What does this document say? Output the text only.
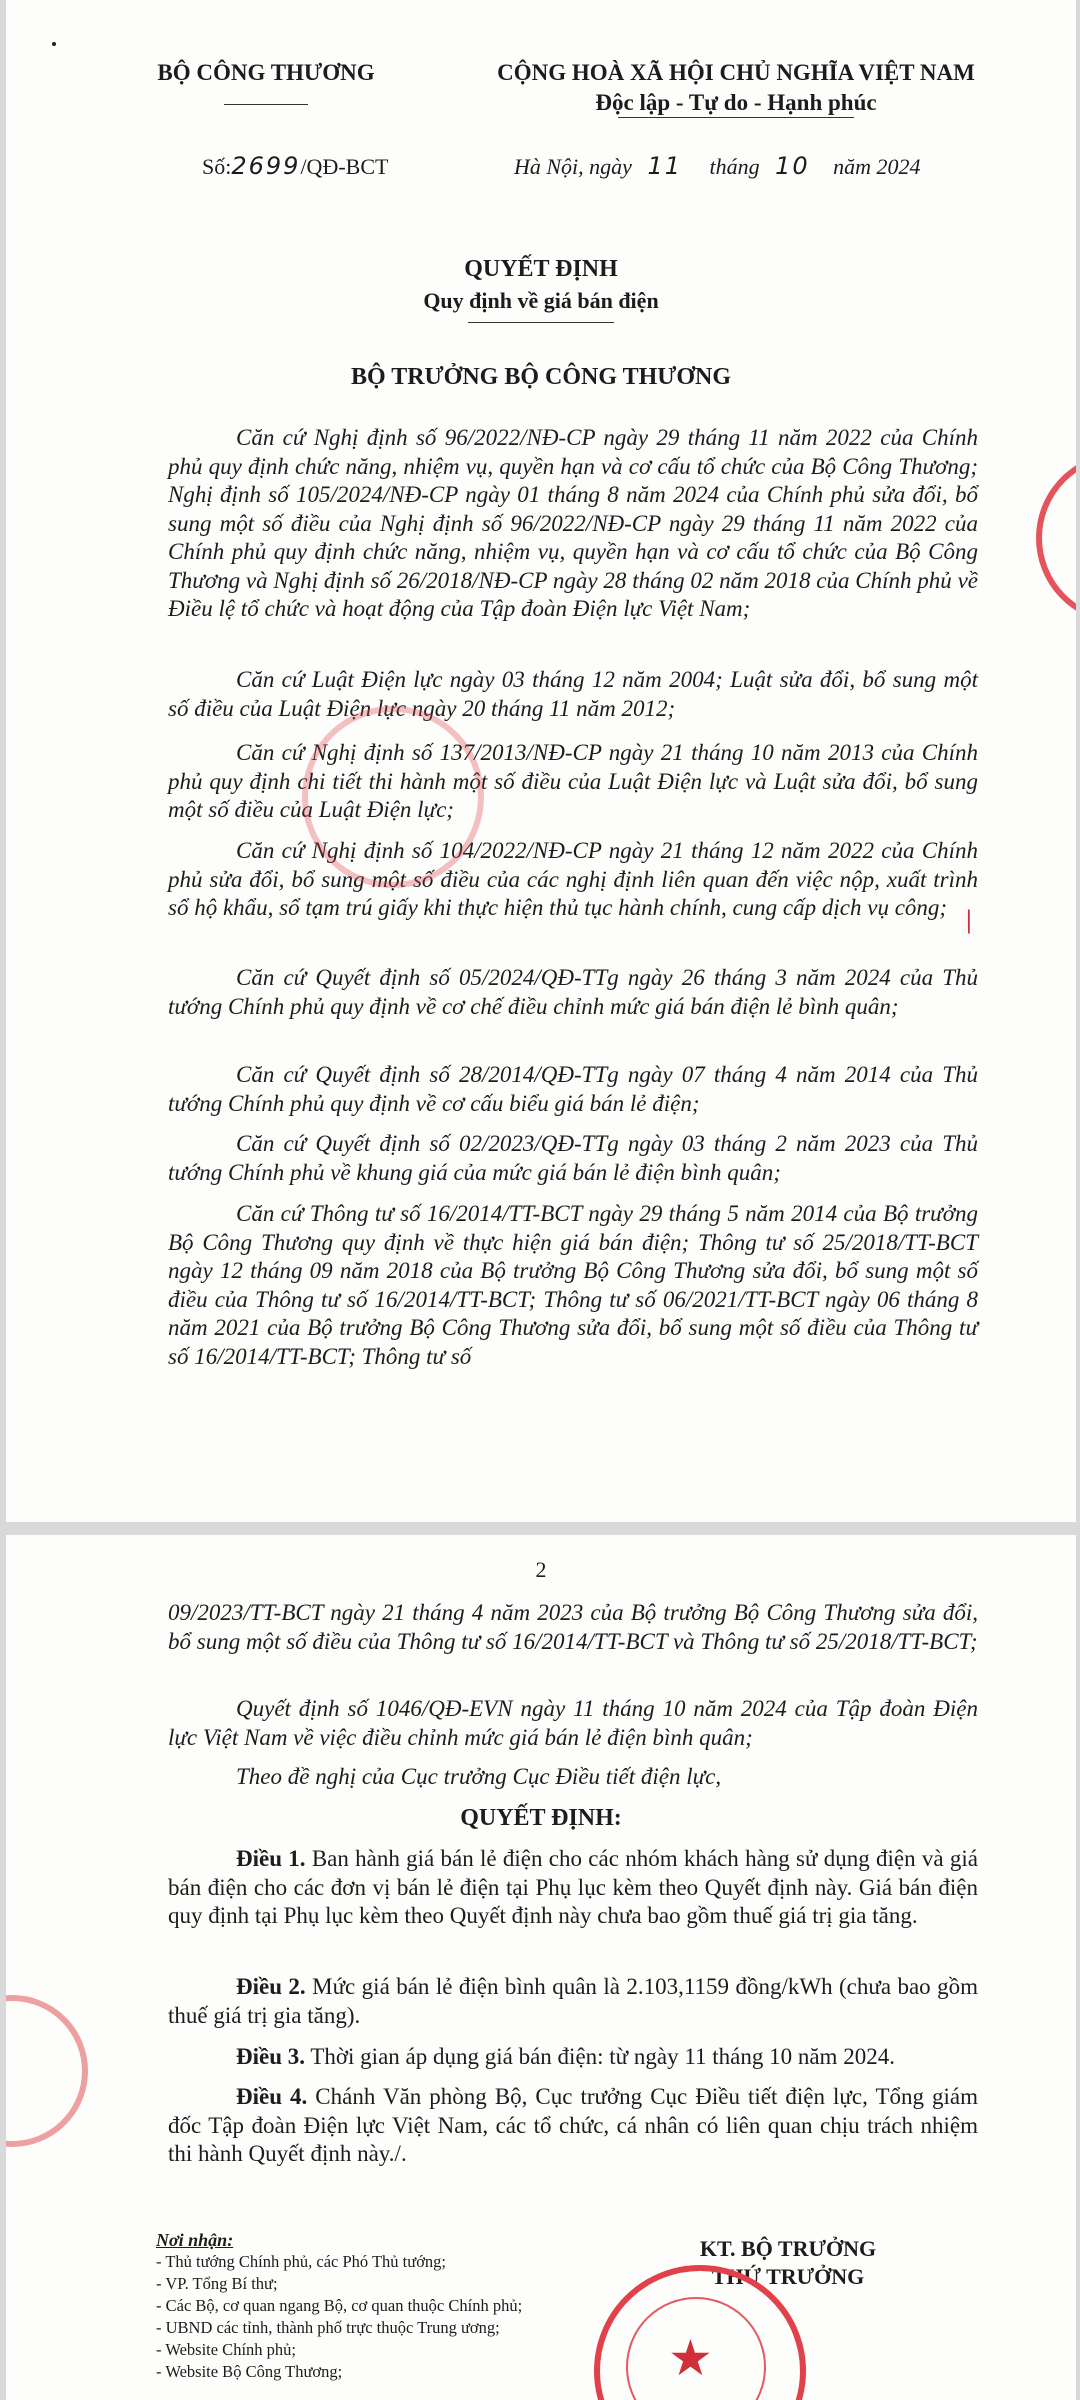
BỘ CÔNG THƯƠNG	CỘNG HOÀ XÃ HỘI CHỦ NGHĨA VIỆT NAM
Độc lập - Tự do - Hạnh phúc
Số:2699/QĐ-BCT	Hà Nội, ngày 11 tháng 10 năm 2024
QUYẾT ĐỊNH
Quy định về giá bán điện
BỘ TRƯỞNG BỘ CÔNG THƯƠNG
Căn cứ Nghị định số 96/2022/NĐ-CP ngày 29 tháng 11 năm 2022 của Chính phủ quy định chức năng, nhiệm vụ, quyền hạn và cơ cấu tổ chức của Bộ Công Thương; Nghị định số 105/2024/NĐ-CP ngày 01 tháng 8 năm 2024 của Chính phủ sửa đổi, bổ sung một số điều của Nghị định số 96/2022/NĐ-CP ngày 29 tháng 11 năm 2022 của Chính phủ quy định chức năng, nhiệm vụ, quyền hạn và cơ cấu tổ chức của Bộ Công Thương và Nghị định số 26/2018/NĐ-CP ngày 28 tháng 02 năm 2018 của Chính phủ về Điều lệ tổ chức và hoạt động của Tập đoàn Điện lực Việt Nam;
Căn cứ Luật Điện lực ngày 03 tháng 12 năm 2004; Luật sửa đổi, bổ sung một số điều của Luật Điện lực ngày 20 tháng 11 năm 2012;
Căn cứ Nghị định số 137/2013/NĐ-CP ngày 21 tháng 10 năm 2013 của Chính phủ quy định chi tiết thi hành một số điều của Luật Điện lực và Luật sửa đổi, bổ sung một số điều của Luật Điện lực;
Căn cứ Nghị định số 104/2022/NĐ-CP ngày 21 tháng 12 năm 2022 của Chính phủ sửa đổi, bổ sung một số điều của các nghị định liên quan đến việc nộp, xuất trình sổ hộ khẩu, sổ tạm trú giấy khi thực hiện thủ tục hành chính, cung cấp dịch vụ công;
Căn cứ Quyết định số 05/2024/QĐ-TTg ngày 26 tháng 3 năm 2024 của Thủ tướng Chính phủ quy định về cơ chế điều chỉnh mức giá bán điện lẻ bình quân;
Căn cứ Quyết định số 28/2014/QĐ-TTg ngày 07 tháng 4 năm 2014 của Thủ tướng Chính phủ quy định về cơ cấu biểu giá bán lẻ điện;
Căn cứ Quyết định số 02/2023/QĐ-TTg ngày 03 tháng 2 năm 2023 của Thủ tướng Chính phủ về khung giá của mức giá bán lẻ điện bình quân;
Căn cứ Thông tư số 16/2014/TT-BCT ngày 29 tháng 5 năm 2014 của Bộ trưởng Bộ Công Thương quy định về thực hiện giá bán điện; Thông tư số 25/2018/TT-BCT ngày 12 tháng 09 năm 2018 của Bộ trưởng Bộ Công Thương sửa đổi, bổ sung một số điều của Thông tư số 16/2014/TT-BCT; Thông tư số 06/2021/TT-BCT ngày 06 tháng 8 năm 2021 của Bộ trưởng Bộ Công Thương sửa đổi, bổ sung một số điều của Thông tư số 16/2014/TT-BCT; Thông tư số
|
2
09/2023/TT-BCT ngày 21 tháng 4 năm 2023 của Bộ trưởng Bộ Công Thương sửa đổi, bổ sung một số điều của Thông tư số 16/2014/TT-BCT và Thông tư số 25/2018/TT-BCT;
Quyết định số 1046/QĐ-EVN ngày 11 tháng 10 năm 2024 của Tập đoàn Điện lực Việt Nam về việc điều chỉnh mức giá bán lẻ điện bình quân;
Theo đề nghị của Cục trưởng Cục Điều tiết điện lực,
QUYẾT ĐỊNH:
Điều 1. Ban hành giá bán lẻ điện cho các nhóm khách hàng sử dụng điện và giá bán điện cho các đơn vị bán lẻ điện tại Phụ lục kèm theo Quyết định này. Giá bán điện quy định tại Phụ lục kèm theo Quyết định này chưa bao gồm thuế giá trị gia tăng.
Điều 2. Mức giá bán lẻ điện bình quân là 2.103,1159 đồng/kWh (chưa bao gồm thuế giá trị gia tăng).
Điều 3. Thời gian áp dụng giá bán điện: từ ngày 11 tháng 10 năm 2024.
Điều 4. Chánh Văn phòng Bộ, Cục trưởng Cục Điều tiết điện lực, Tổng giám đốc Tập đoàn Điện lực Việt Nam, các tổ chức, cá nhân có liên quan chịu trách nhiệm thi hành Quyết định này./.
Nơi nhận:
- Thủ tướng Chính phủ, các Phó Thủ tướng;
- VP. Tổng Bí thư;
- Các Bộ, cơ quan ngang Bộ, cơ quan thuộc Chính phủ;
- UBND các tỉnh, thành phố trực thuộc Trung ương;
- Website Chính phủ;
- Website Bộ Công Thương;
KT. BỘ TRƯỞNG
THỨ TRƯỞNG
★
